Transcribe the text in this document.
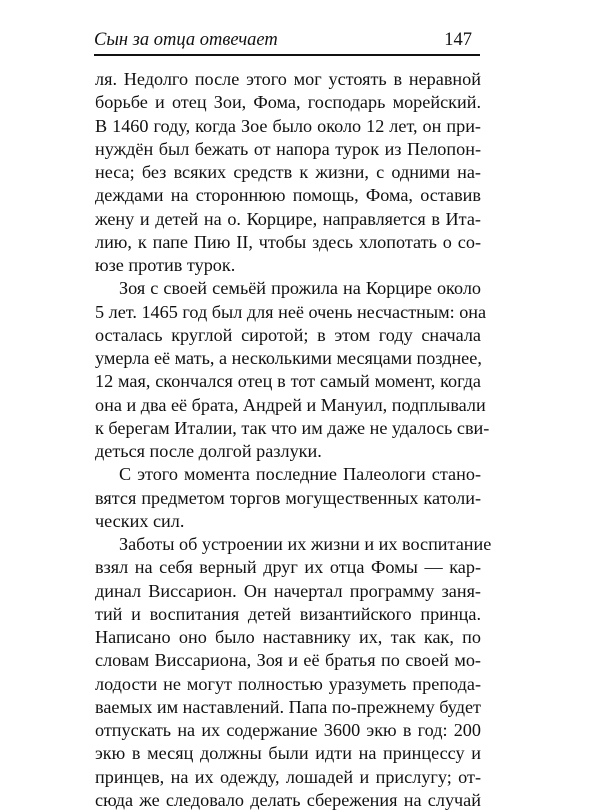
Сын за отца отвечает	147
ля. Недолго после этого мог устоять в неравной
борьбе и отец Зои, Фома, господарь морейский.
В 1460 году, когда Зое было около 12 лет, он при-
нуждён был бежать от напора турок из Пелопон-
неса; без всяких средств к жизни, с одними на-
деждами на стороннюю помощь, Фома, оставив
жену и детей на о. Корцире, направляется в Ита-
лию, к папе Пию II, чтобы здесь хлопотать о со-
юзе против турок.
Зоя с своей семьёй прожила на Корцире около
5 лет. 1465 год был для неё очень несчастным: она
осталась круглой сиротой; в этом году сначала
умерла её мать, а несколькими месяцами позднее,
12 мая, скончался отец в тот самый момент, когда
она и два её брата, Андрей и Мануил, подплывали
к берегам Италии, так что им даже не удалось сви-
деться после долгой разлуки.
С этого момента последние Палеологи стано-
вятся предметом торгов могущественных католи-
ческих сил.
Заботы об устроении их жизни и их воспитание
взял на себя верный друг их отца Фомы — кар-
динал Виссарион. Он начертал программу заня-
тий и воспитания детей византийского принца.
Написано оно было наставнику их, так как, по
словам Виссариона, Зоя и её братья по своей мо-
лодости не могут полностью уразуметь препода-
ваемых им наставлений. Папа по-прежнему будет
отпускать на их содержание 3600 экю в год: 200
экю в месяц должны были идти на принцессу и
принцев, на их одежду, лошадей и прислугу; от-
сюда же следовало делать сбережения на случай
